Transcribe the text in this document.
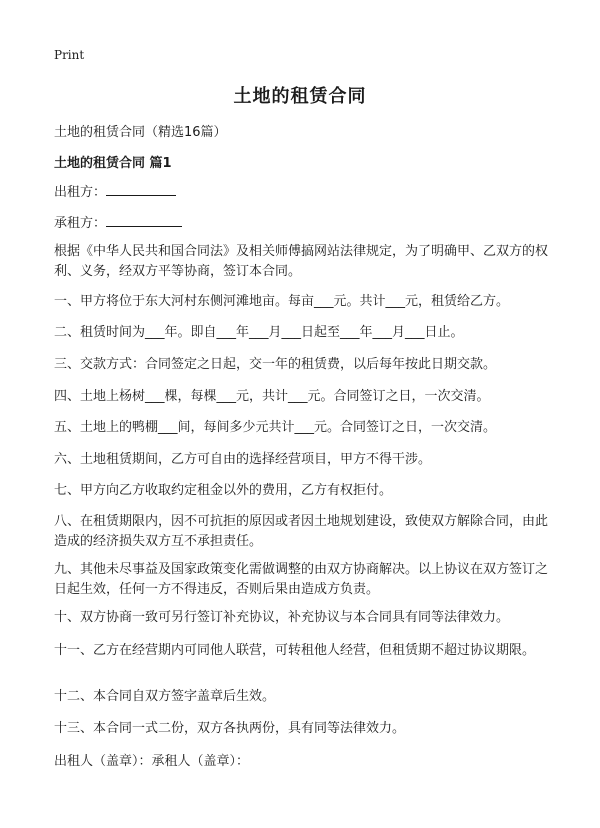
Print
土地的租赁合同
土地的租赁合同（精选16篇）
土地的租赁合同 篇1
出租方：
承租方：
根据《中华人民共和国合同法》及相关师傅搞网站法律规定，为了明确甲、乙双方的权利、义务，经双方平等协商，签订本合同。
一、甲方将位于东大河村东侧河滩地亩。每亩___元。共计___元，租赁给乙方。
二、租赁时间为___年。即自___年___月___日起至___年___月___日止。
三、交款方式：合同签定之日起，交一年的租赁费，以后每年按此日期交款。
四、土地上杨树___棵，每棵___元，共计___元。合同签订之日，一次交清。
五、土地上的鸭棚___间，每间多少元共计___元。合同签订之日，一次交清。
六、土地租赁期间，乙方可自由的选择经营项目，甲方不得干涉。
七、甲方向乙方收取约定租金以外的费用，乙方有权拒付。
八、在租赁期限内，因不可抗拒的原因或者因土地规划建设，致使双方解除合同，由此造成的经济损失双方互不承担责任。
九、其他未尽事益及国家政策变化需做调整的由双方协商解决。以上协议在双方签订之日起生效，任何一方不得违反，否则后果由造成方负责。
十、双方协商一致可另行签订补充协议，补充协议与本合同具有同等法律效力。
十一、乙方在经营期内可同他人联营，可转租他人经营，但租赁期不超过协议期限。
十二、本合同自双方签字盖章后生效。
十三、本合同一式二份，双方各执两份，具有同等法律效力。
出租人（盖章）：承租人（盖章）：
